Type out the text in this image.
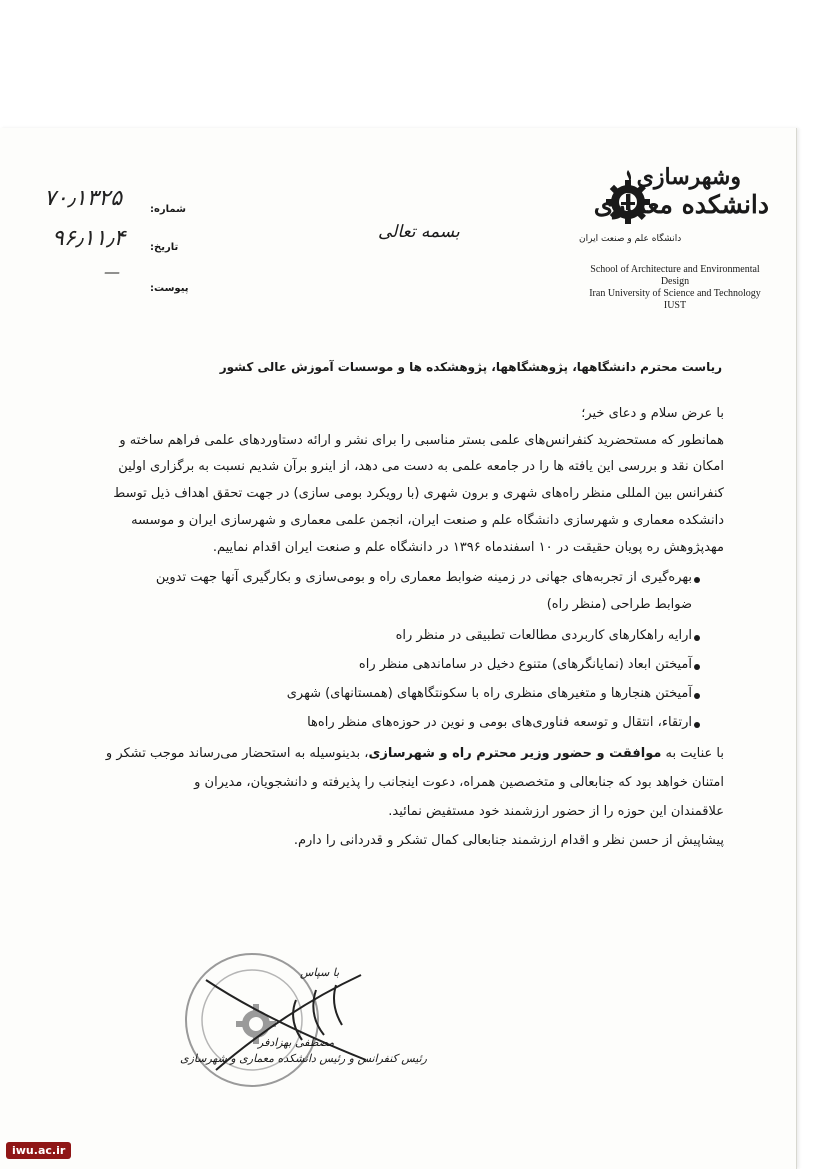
وشهرسازی
دانشکده معماری
دانشگاه علم و صنعت ایران
School of Architecture and Environmental Design
Iran University of Science and Technology
IUST
بسمه تعالی
شماره:
تاریخ:
پیوست:
۷۰٫۱۳۲۵
۹۶٫۱۱٫۴
—
ریاست محترم دانشگاهها، پژوهشگاهها، پژوهشکده ها و موسسات آموزش عالی کشور
با عرض سلام و دعای خیر؛
همانطور که مستحضرید کنفرانس‌های علمی بستر مناسبی را برای نشر و ارائه دستاوردهای علمی فراهم ساخته و
امکان نقد و بررسی این یافته ها را در جامعه علمی به دست می دهد، از اینرو برآن شدیم نسبت به برگزاری اولین
کنفرانس بین المللی منظر راه‌های شهری و برون شهری (با رویکرد بومی سازی) در جهت تحقق اهداف ذیل توسط
دانشکده معماری و شهرسازی دانشگاه علم و صنعت ایران، انجمن علمی معماری و شهرسازی ایران و موسسه
مهدپژوهش ره پویان حقیقت در ۱۰ اسفندماه ۱۳۹۶ در دانشگاه علم و صنعت ایران اقدام نماییم.
بهره‌گیری از تجربه‌های جهانی در زمینه ضوابط معماری راه و بومی‌سازی و بکارگیری آنها جهت تدوین
ضوابط طراحی (منظر راه)
ارایه راهکارهای کاربردی مطالعات تطبیقی در منظر راه
آمیختن ابعاد (نمایانگرهای) متنوع دخیل در ساماندهی منظر راه
آمیختن هنجارها و متغیرهای منظری راه با سکونتگاههای (همستانهای) شهری
ارتقاء، انتقال و توسعه فناوری‌های بومی و نوین در حوزه‌های منظر راه‌ها
با عنایت به موافقت و حضور وزیر محترم راه و شهرسازی، بدینوسیله به استحضار می‌رساند موجب تشکر و
امتنان خواهد بود که جنابعالی و متخصصین همراه، دعوت اینجانب را پذیرفته و دانشجویان، مدیران و
علاقمندان این حوزه را از حضور ارزشمند خود مستفیض نمائید.
پیشاپیش از حسن نظر و اقدام ارزشمند جنابعالی کمال تشکر و قدردانی را دارم.
با سپاس
مصطفی بهزادفر
رئیس کنفرانس و رئیس دانشکده معماری و شهرسازی
iwu.ac.ir
